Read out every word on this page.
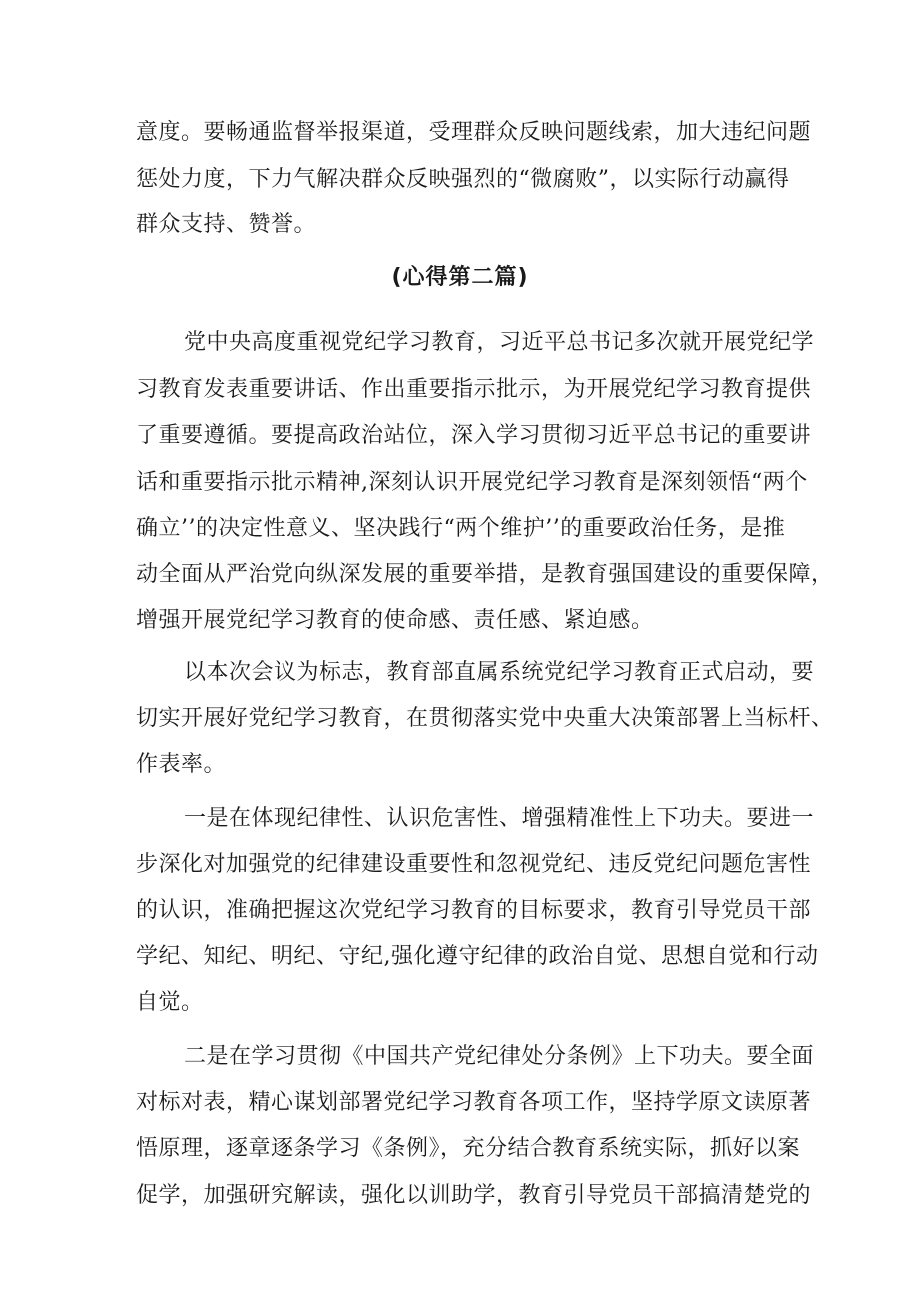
意度。要畅通监督举报渠道，受理群众反映问题线索，加大违纪问题
惩处力度，下力气解决群众反映强烈的“微腐败”，以实际行动赢得
群众支持、赞誉。
(心得第二篇)
党中央高度重视党纪学习教育，习近平总书记多次就开展党纪学
习教育发表重要讲话、作出重要指示批示，为开展党纪学习教育提供
了重要遵循。要提高政治站位，深入学习贯彻习近平总书记的重要讲
话和重要指示批示精神,深刻认识开展党纪学习教育是深刻领悟“两个
确立’’的决定性意义、坚决践行“两个维护’’的重要政治任务，是推
动全面从严治党向纵深发展的重要举措，是教育强国建设的重要保障，
增强开展党纪学习教育的使命感、责任感、紧迫感。
以本次会议为标志，教育部直属系统党纪学习教育正式启动，要
切实开展好党纪学习教育，在贯彻落实党中央重大决策部署上当标杆、
作表率。
一是在体现纪律性、认识危害性、增强精准性上下功夫。要进一
步深化对加强党的纪律建设重要性和忽视党纪、违反党纪问题危害性
的认识，准确把握这次党纪学习教育的目标要求，教育引导党员干部
学纪、知纪、明纪、守纪,强化遵守纪律的政治自觉、思想自觉和行动
自觉。
二是在学习贯彻《中国共产党纪律处分条例》上下功夫。要全面
对标对表，精心谋划部署党纪学习教育各项工作，坚持学原文读原著
悟原理，逐章逐条学习《条例》，充分结合教育系统实际，抓好以案
促学，加强研究解读，强化以训助学，教育引导党员干部搞清楚党的
